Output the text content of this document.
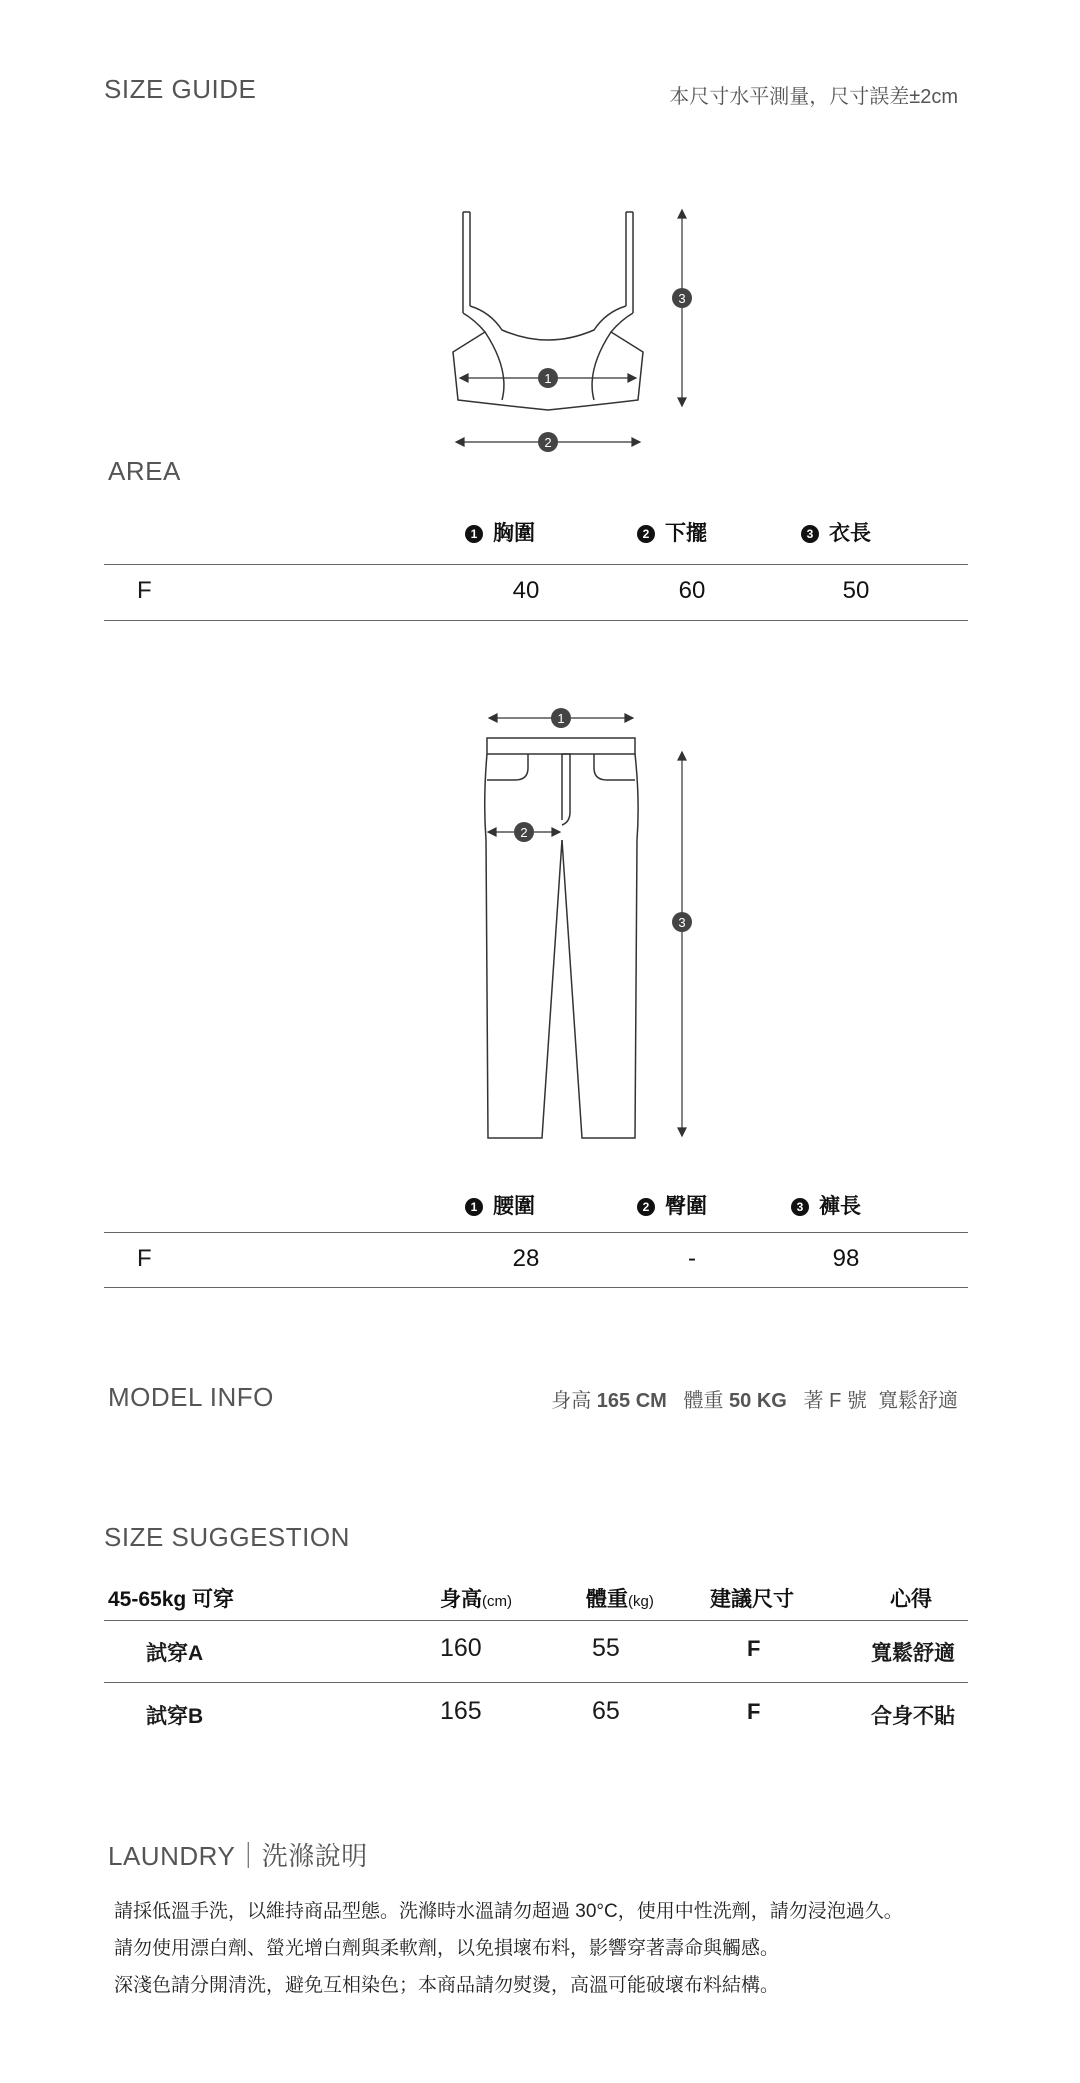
SIZE GUIDE	本尺寸水平測量，尺寸誤差±2cm
1
2
3
AREA
1 胸圍	2 下擺	3 衣長
F	40	60	50
1
2
3
1 腰圍	2 臀圍	3 褲長
F	28	-	98
MODEL INFO	身高 165 CM 體重 50 KG 著 F 號 寬鬆舒適
SIZE SUGGESTION
45-65kg 可穿	身高(cm)	體重(kg)	建議尺寸	心得
試穿A	160	55	F	寬鬆舒適
試穿B	165	65	F	合身不貼
LAUNDRY｜洗滌說明
請採低溫手洗，以維持商品型態。洗滌時水溫請勿超過 30°C，使用中性洗劑，請勿浸泡過久。
請勿使用漂白劑、螢光增白劑與柔軟劑，以免損壞布料，影響穿著壽命與觸感。
深淺色請分開清洗，避免互相染色；本商品請勿熨燙，高溫可能破壞布料結構。
